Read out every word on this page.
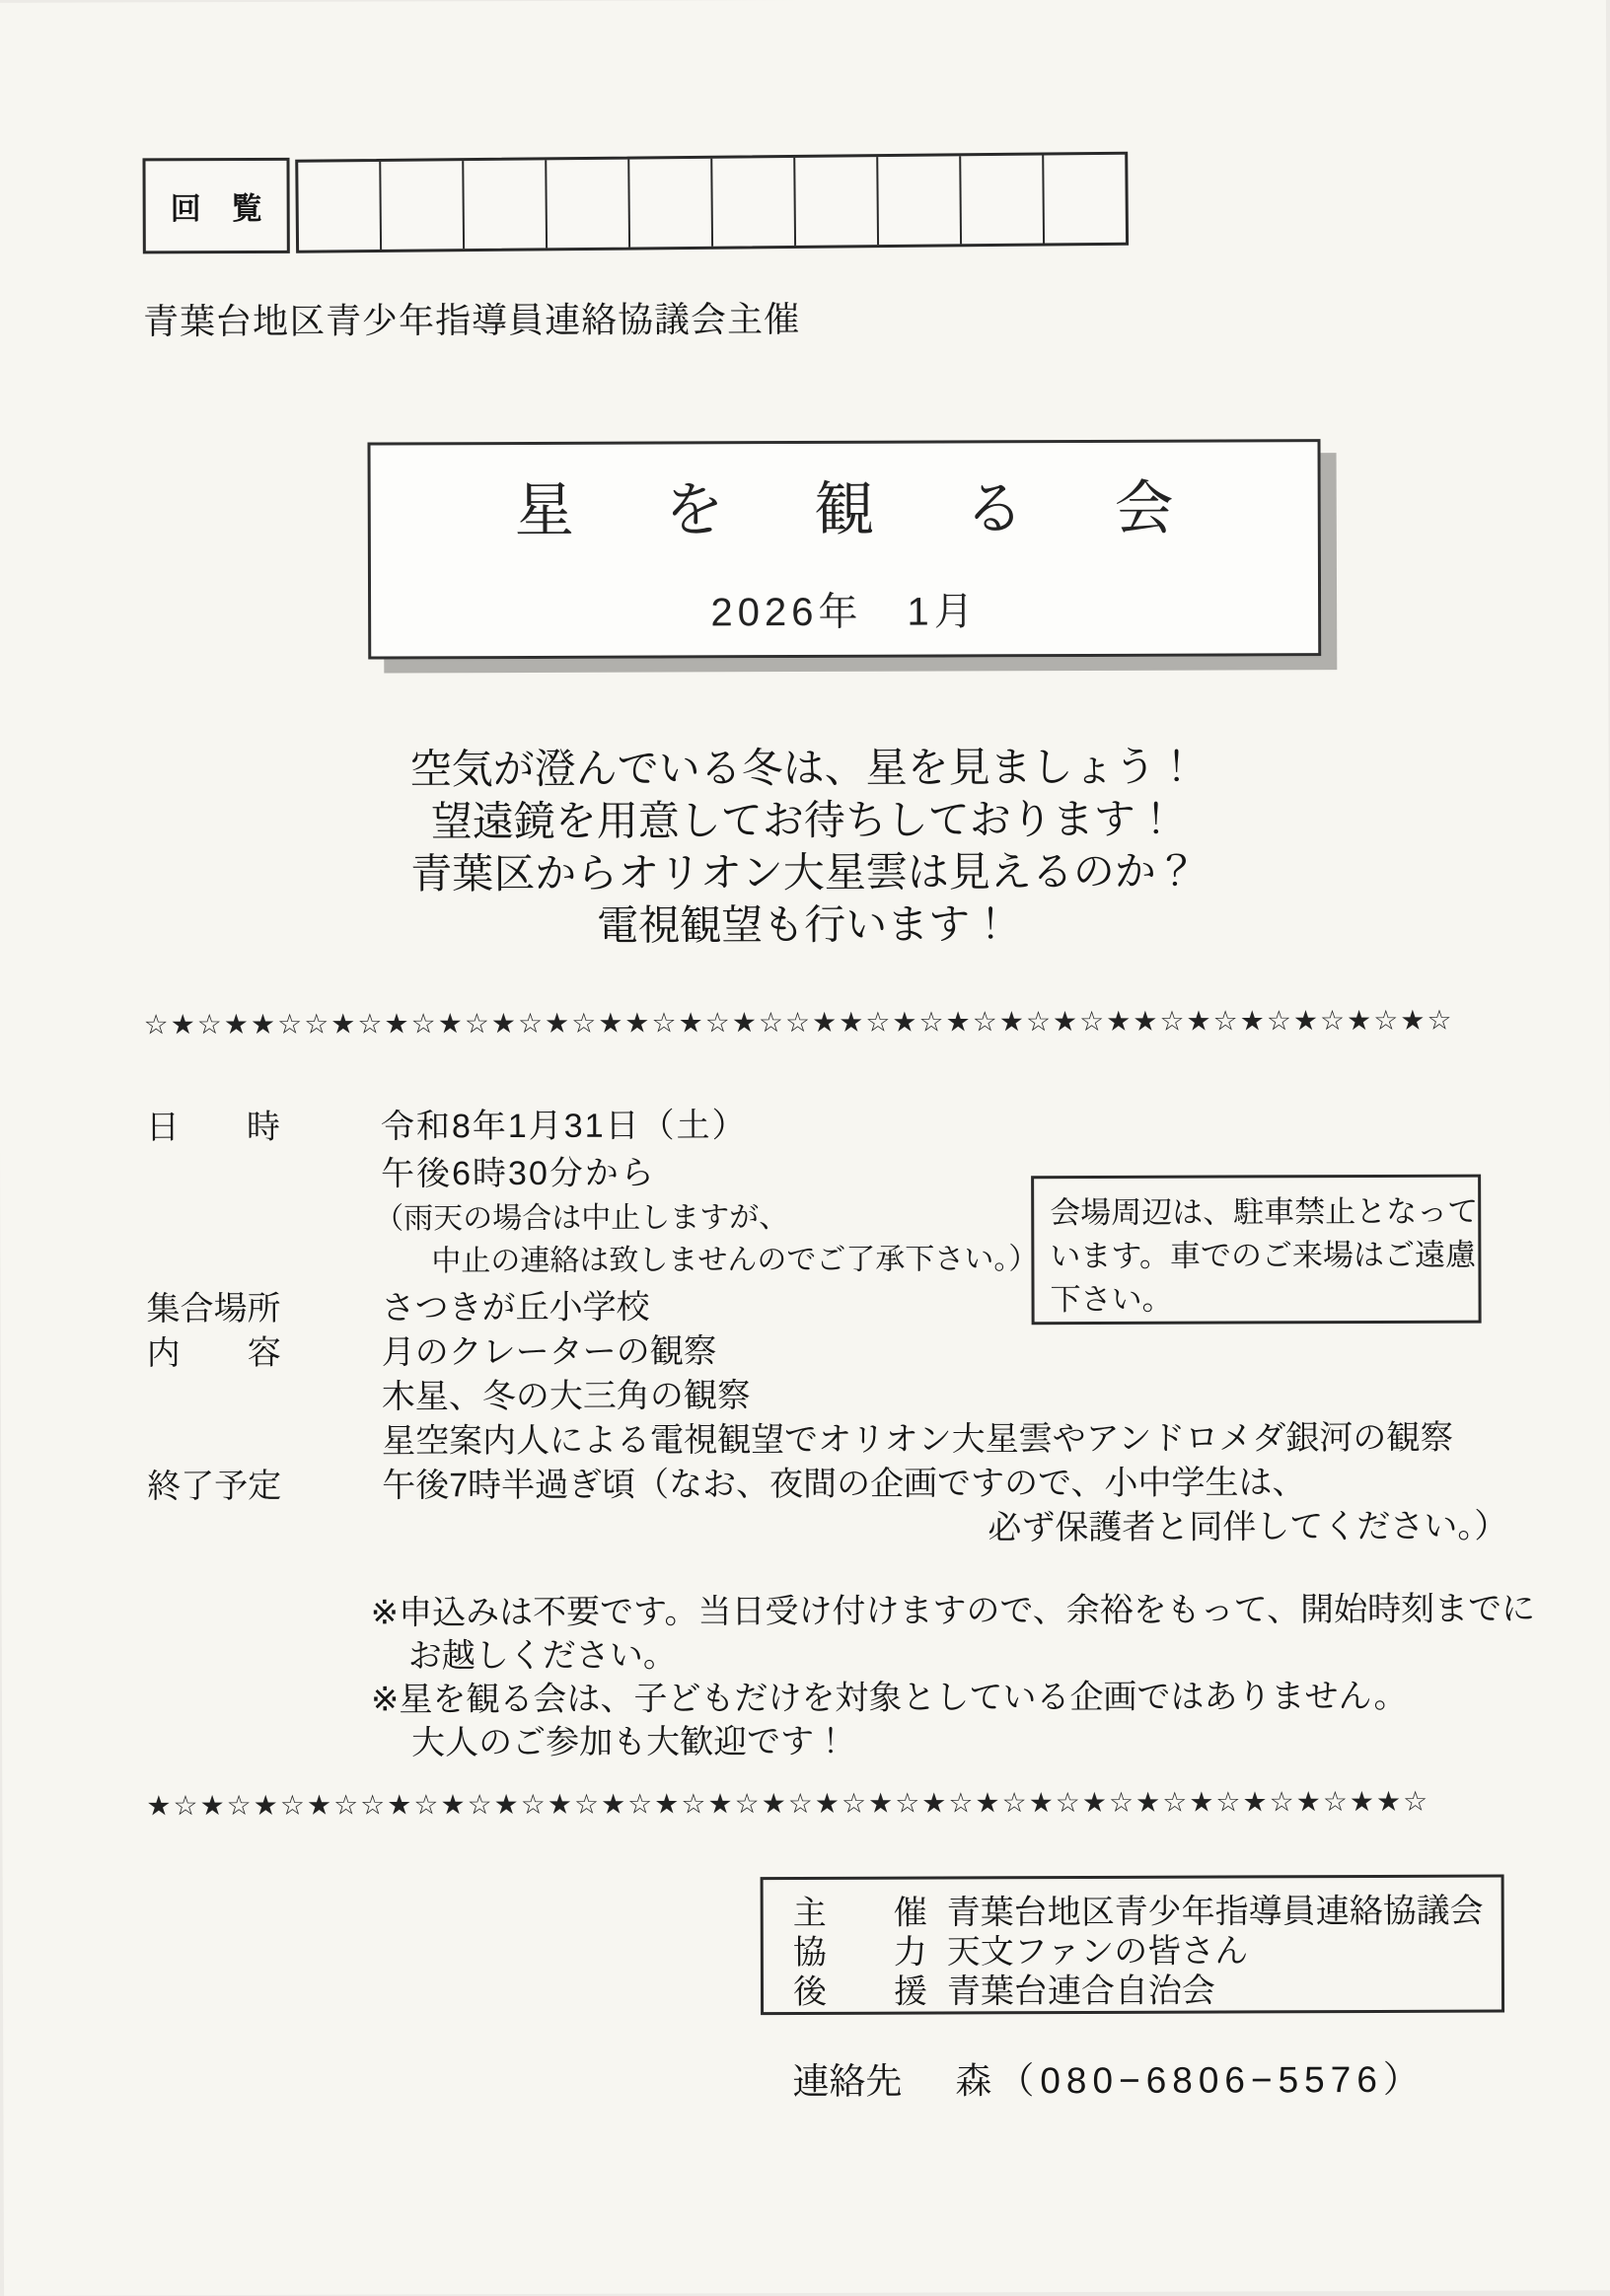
回　覧
青葉台地区青少年指導員連絡協議会主催
星　を　観　る　会
2026年　1月
空気が澄んでいる冬は、星を見ましょう！
望遠鏡を用意してお待ちしております！
青葉区からオリオン大星雲は見えるのか？
電視観望も行います！
☆★☆★★☆☆★☆★☆★☆★☆★☆★★☆★☆★☆☆★★☆★☆★☆★☆★☆★★☆★☆★☆★☆★☆★☆
日　　時	令和8年1月31日（土）
午後6時30分から
（雨天の場合は中止しますが、
中止の連絡は致しませんのでご了承下さい。）
会場周辺は、駐車禁止となって
います。車でのご来場はご遠慮
下さい。
集合場所	さつきが丘小学校
内　　容	月のクレーターの観察
木星、冬の大三角の観察
星空案内人による電視観望でオリオン大星雲やアンドロメダ銀河の観察
終了予定	午後7時半過ぎ頃（なお、夜間の企画ですので、小中学生は、
必ず保護者と同伴してください。）
※申込みは不要です。当日受け付けますので、余裕をもって、開始時刻までに
お越しください。
※星を観る会は、子どもだけを対象としている企画ではありません。
大人のご参加も大歓迎です！
★☆★☆★☆★☆☆★☆★☆★☆★☆★☆★☆★☆★☆★☆★☆★☆★☆★☆★☆★☆★☆★☆★☆★★☆
主　　催 青葉台地区青少年指導員連絡協議会
協　　力 天文ファンの皆さん
後　　援 青葉台連合自治会
連絡先 森（080−6806−5576）
